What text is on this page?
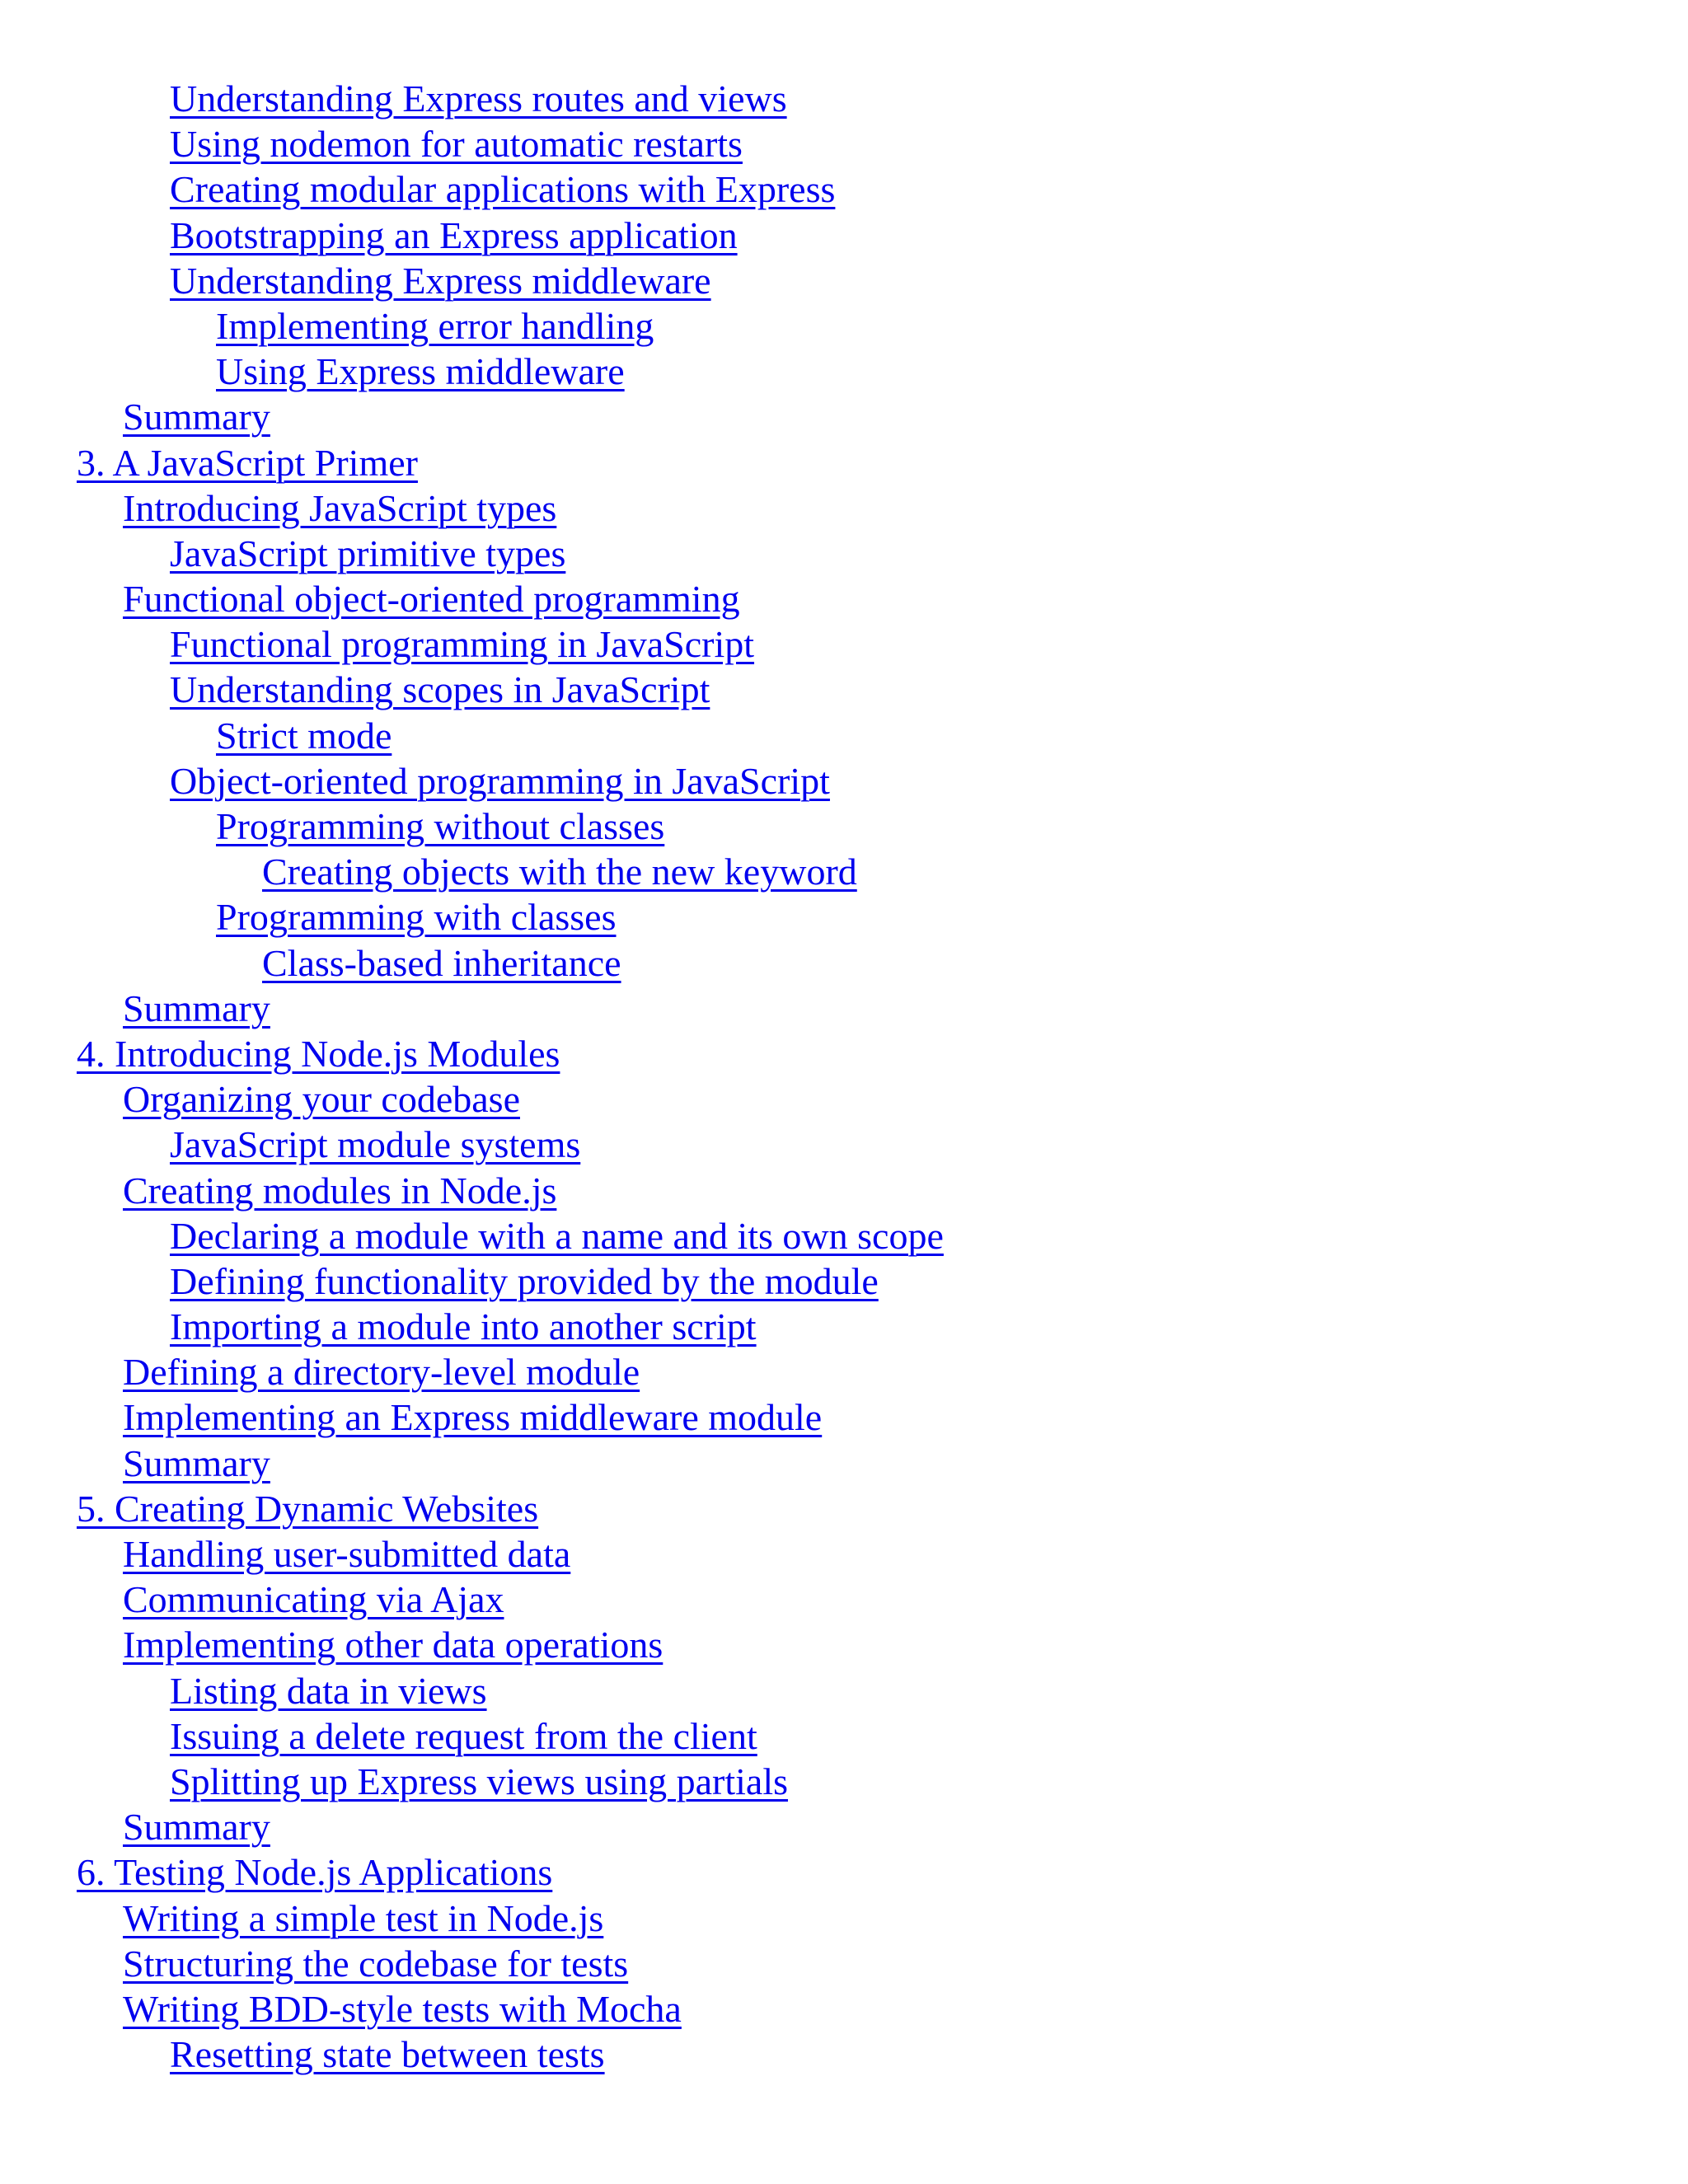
Understanding Express routes and views
Using nodemon for automatic restarts
Creating modular applications with Express
Bootstrapping an Express application
Understanding Express middleware
Implementing error handling
Using Express middleware
Summary
3. A JavaScript Primer
Introducing JavaScript types
JavaScript primitive types
Functional object-oriented programming
Functional programming in JavaScript
Understanding scopes in JavaScript
Strict mode
Object-oriented programming in JavaScript
Programming without classes
Creating objects with the new keyword
Programming with classes
Class-based inheritance
Summary
4. Introducing Node.js Modules
Organizing your codebase
JavaScript module systems
Creating modules in Node.js
Declaring a module with a name and its own scope
Defining functionality provided by the module
Importing a module into another script
Defining a directory-level module
Implementing an Express middleware module
Summary
5. Creating Dynamic Websites
Handling user-submitted data
Communicating via Ajax
Implementing other data operations
Listing data in views
Issuing a delete request from the client
Splitting up Express views using partials
Summary
6. Testing Node.js Applications
Writing a simple test in Node.js
Structuring the codebase for tests
Writing BDD-style tests with Mocha
Resetting state between tests
